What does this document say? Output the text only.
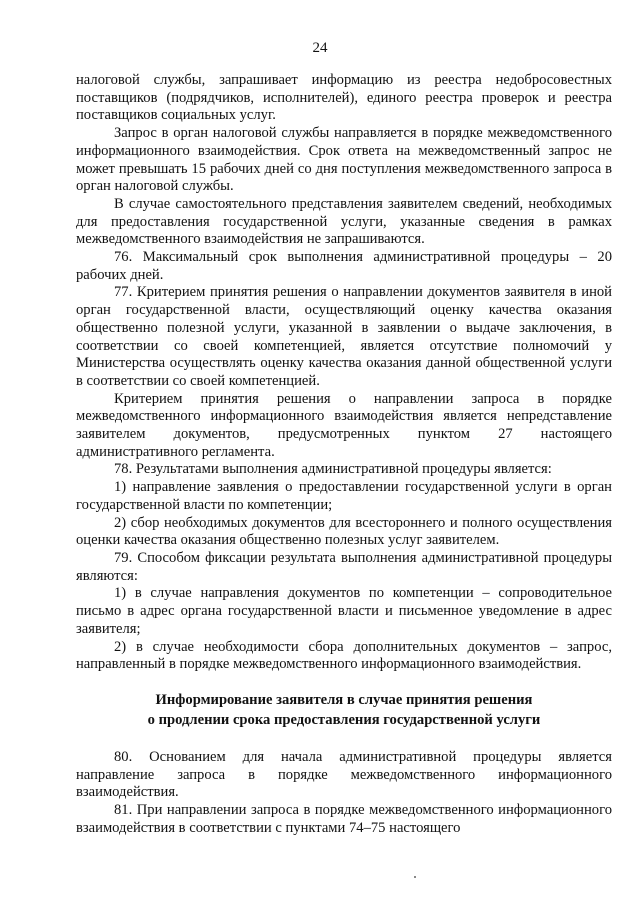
24

налоговой службы, запрашивает информацию из реестра недобросовестных поставщиков (подрядчиков, исполнителей), единого реестра проверок и реестра поставщиков социальных услуг.

Запрос в орган налоговой службы направляется в порядке межведомственного информационного взаимодействия. Срок ответа на межведомственный запрос не может превышать 15 рабочих дней со дня поступления межведомственного запроса в орган налоговой службы.

В случае самостоятельного представления заявителем сведений, необходимых для предоставления государственной услуги, указанные сведения в рамках межведомственного взаимодействия не запрашиваются.

76. Максимальный срок выполнения административной процедуры – 20 рабочих дней.

77. Критерием принятия решения о направлении документов заявителя в иной орган государственной власти, осуществляющий оценку качества оказания общественно полезной услуги, указанной в заявлении о выдаче заключения, в соответствии со своей компетенцией, является отсутствие полномочий у Министерства осуществлять оценку качества оказания данной общественной услуги в соответствии со своей компетенцией.

Критерием принятия решения о направлении запроса в порядке межведомственного информационного взаимодействия является непредставление заявителем документов, предусмотренных пунктом 27 настоящего административного регламента.

78. Результатами выполнения административной процедуры является:

1) направление заявления о предоставлении государственной услуги в орган государственной власти по компетенции;

2) сбор необходимых документов для всестороннего и полного осуществления оценки качества оказания общественно полезных услуг заявителем.

79. Способом фиксации результата выполнения административной процедуры являются:

1) в случае направления документов по компетенции – сопроводительное письмо в адрес органа государственной власти и письменное уведомление в адрес заявителя;

2) в случае необходимости сбора дополнительных документов – запрос, направленный в порядке межведомственного информационного взаимодействия.

Информирование заявителя в случае принятия решения

о продлении срока предоставления государственной услуги

80. Основанием для начала административной процедуры является направление запроса в порядке межведомственного информационного взаимодействия.

81. При направлении запроса в порядке межведомственного информационного взаимодействия в соответствии с пунктами 74–75 настоящего
